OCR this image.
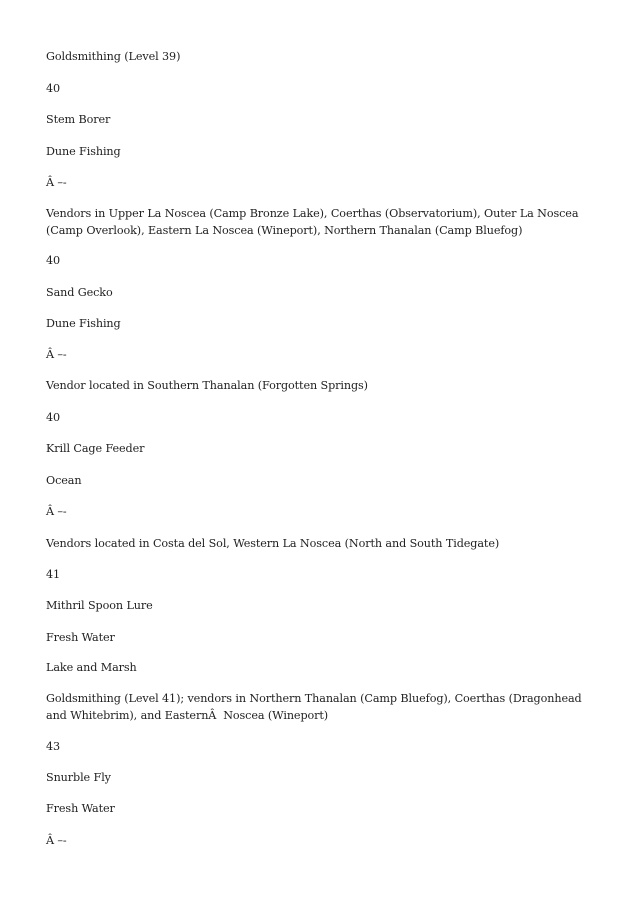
Goldsmithing (Level 39)

40

Stem Borer

Dune Fishing

Â –-

Vendors in Upper La Noscea (Camp Bronze Lake), Coerthas (Observatorium), Outer La Noscea (Camp Overlook), Eastern La Noscea (Wineport), Northern Thanalan (Camp Bluefog)

40

Sand Gecko

Dune Fishing

Â –-

Vendor located in Southern Thanalan (Forgotten Springs)

40

Krill Cage Feeder

Ocean

Â –-

Vendors located in Costa del Sol, Western La Noscea (North and South Tidegate)

41

Mithril Spoon Lure

Fresh Water

Lake and Marsh

Goldsmithing (Level 41); vendors in Northern Thanalan (Camp Bluefog), Coerthas (Dragonhead and Whitebrim), and EasternÂ  Noscea (Wineport)

43

Snurble Fly

Fresh Water

Â –-
